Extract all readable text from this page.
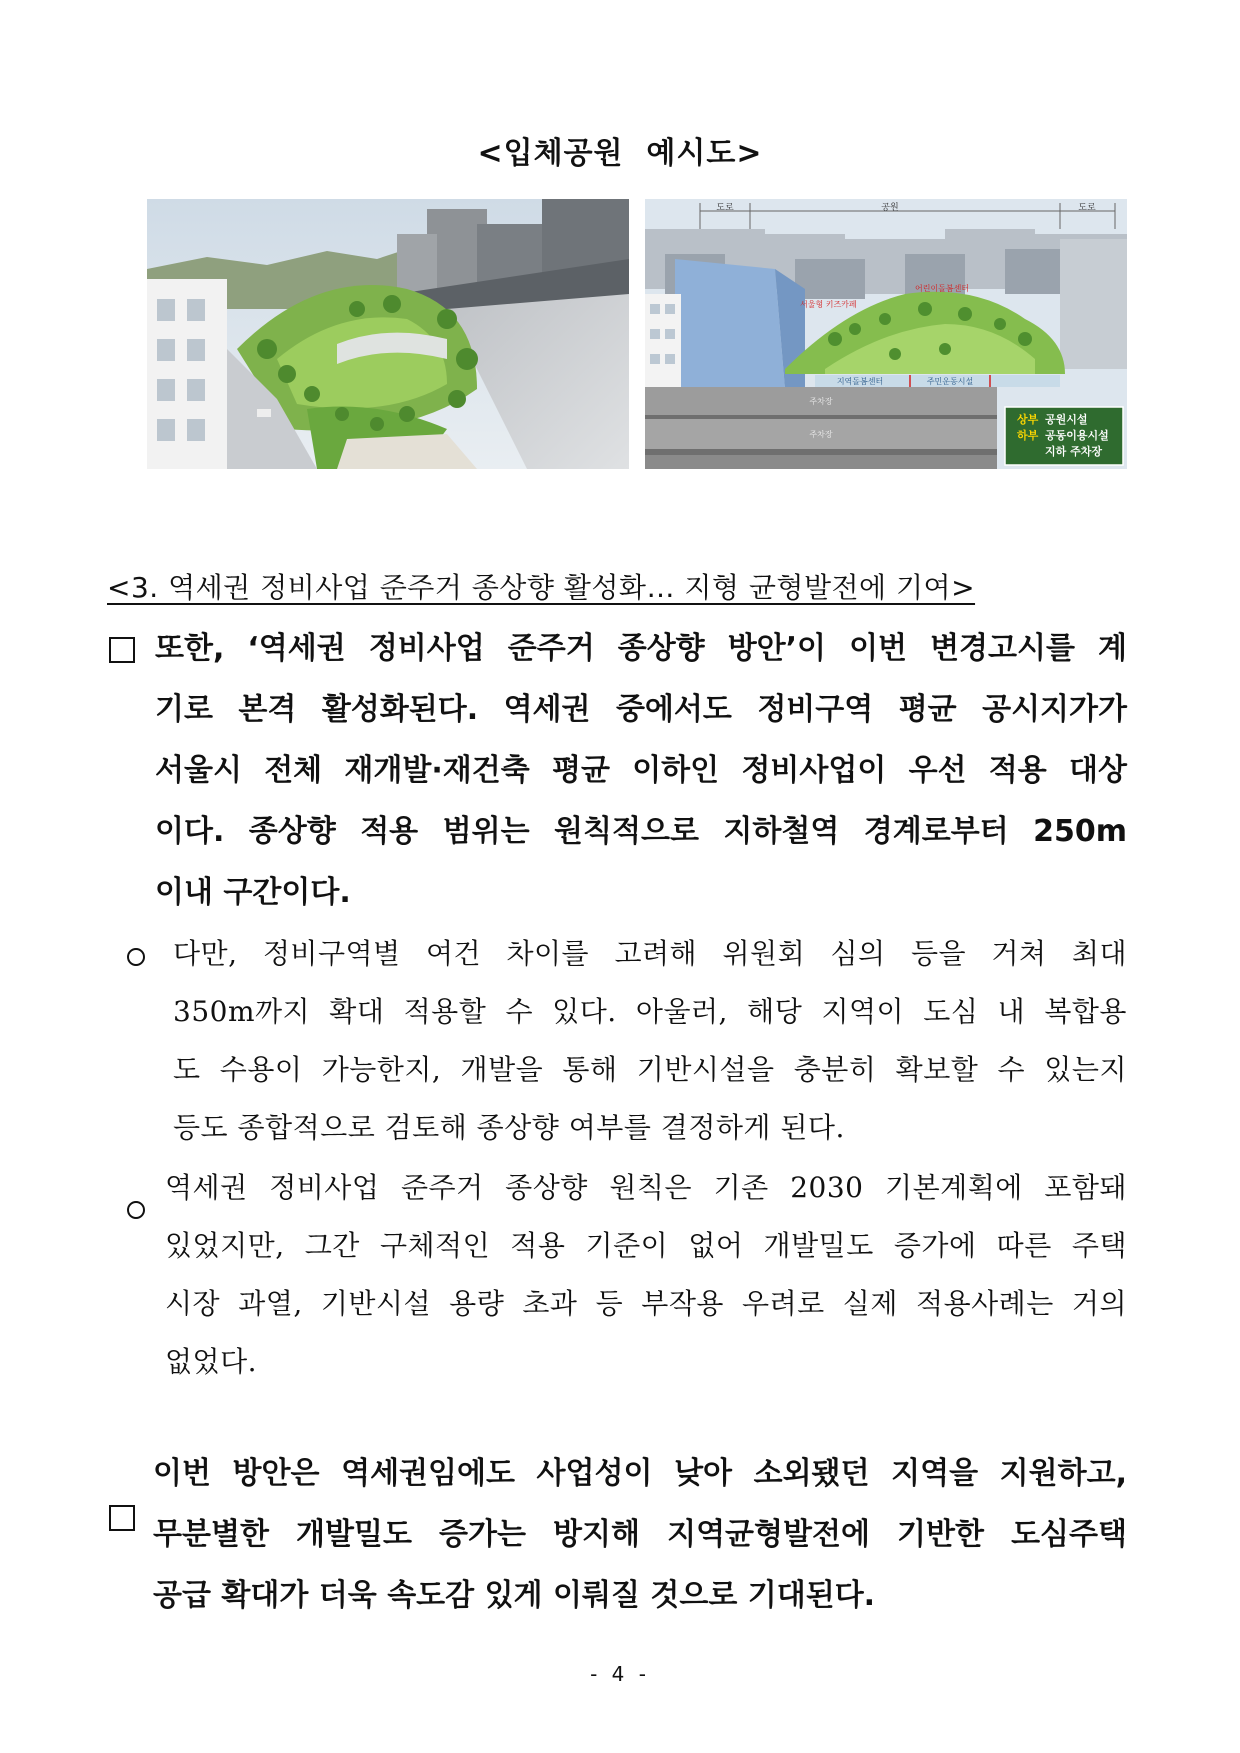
<입체공원  예시도>
도로	공원	도로
어린이돌봄센터
서울형 키즈카페
지역돌봄센터	주민운동시설
주차장
주차장
상부 공원시설
하부 공동이용시설
지하 주차장
<3. 역세권 정비사업 준주거 종상향 활성화… 지형 균형발전에 기여>
또한, ‘역세권 정비사업 준주거 종상향 방안’이 이번 변경고시를 계
기로 본격 활성화된다. 역세권 중에서도 정비구역 평균 공시지가가
서울시 전체 재개발·재건축 평균 이하인 정비사업이 우선 적용 대상
이다. 종상향 적용 범위는 원칙적으로 지하철역 경계로부터 250m
이내 구간이다.
다만, 정비구역별 여건 차이를 고려해 위원회 심의 등을 거쳐 최대
350m까지 확대 적용할 수 있다. 아울러, 해당 지역이 도심 내 복합용
도 수용이 가능한지, 개발을 통해 기반시설을 충분히 확보할 수 있는지
등도 종합적으로 검토해 종상향 여부를 결정하게 된다.
역세권 정비사업 준주거 종상향 원칙은 기존 2030 기본계획에 포함돼
있었지만, 그간 구체적인 적용 기준이 없어 개발밀도 증가에 따른 주택
시장 과열, 기반시설 용량 초과 등 부작용 우려로 실제 적용사례는 거의
없었다.
이번 방안은 역세권임에도 사업성이 낮아 소외됐던 지역을 지원하고,
무분별한 개발밀도 증가는 방지해 지역균형발전에 기반한 도심주택
공급 확대가 더욱 속도감 있게 이뤄질 것으로 기대된다.
- 4 -
